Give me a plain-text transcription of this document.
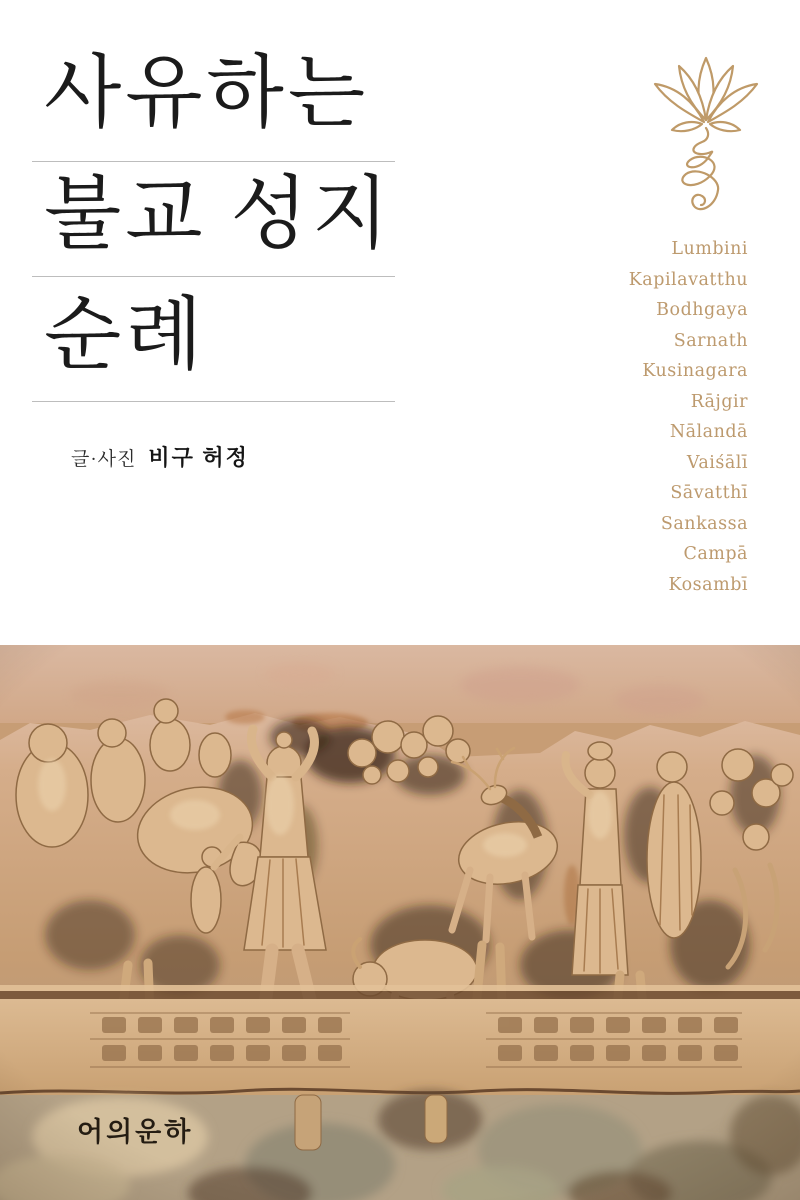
사유하는
불교 성지
순례
글·사진 비구 허정
Lumbini
Kapilavatthu
Bodhgaya
Sarnath
Kusinagara
Rājgir
Nālandā
Vaiśālī
Sāvatthī
Sankassa
Campā
Kosambī
어의운하
